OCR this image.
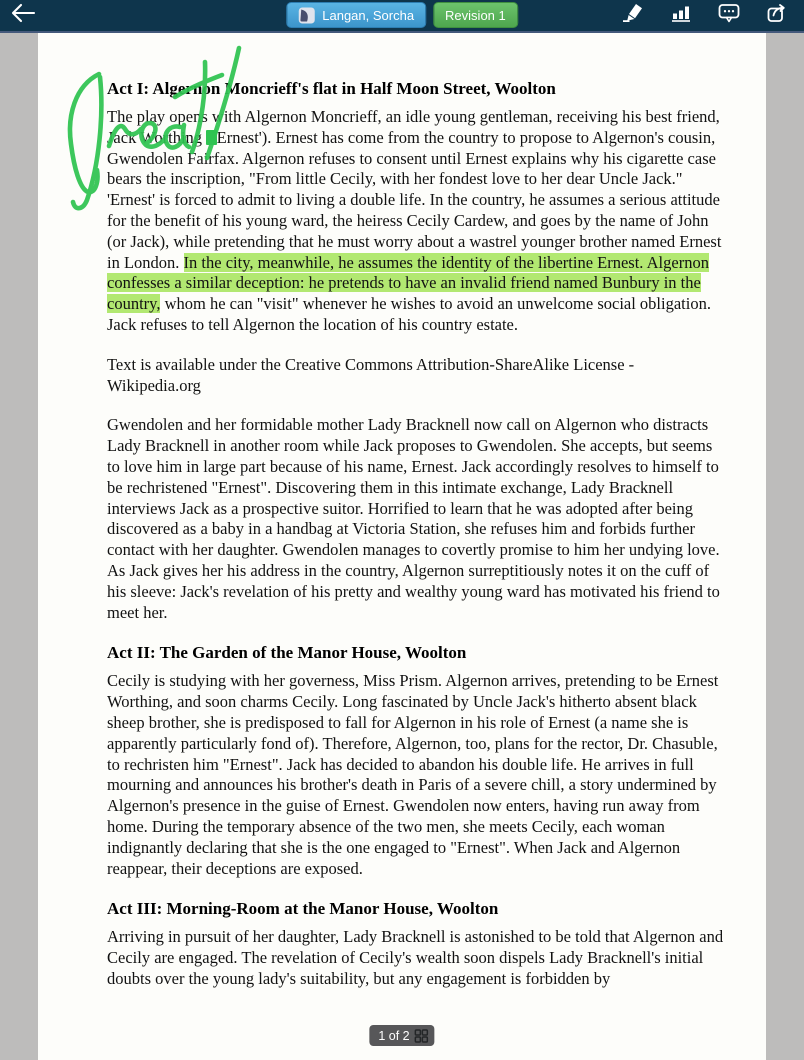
Langan, Sorcha Revision 1
Act I: Algernon Moncrieff's flat in Half Moon Street, Woolton

The play opens with Algernon Moncrieff, an idle young gentleman, receiving his best friend, Jack Worthing Ernest'). Ernest has come from the country to propose to Algernon's cousin, Gwendolen Fairfax. Algernon refuses to consent until Ernest explains why his cigarette case bears the inscription, "From little Cecily, with her fondest love to her dear Uncle Jack." 'Ernest' is forced to admit to living a double life. In the country, he assumes a serious attitude for the benefit of his young ward, the heiress Cecily Cardew, and goes by the name of John (or Jack), while pretending that he must worry about a wastrel younger brother named Ernest in London. In the city, meanwhile, he assumes the identity of the libertine Ernest. Algernon confesses a similar deception: he pretends to have an invalid friend named Bunbury in the country, whom he can "visit" whenever he wishes to avoid an unwelcome social obligation. Jack refuses to tell Algernon the location of his country estate.

Text is available under the Creative Commons Attribution-ShareAlike License - Wikipedia.org

Gwendolen and her formidable mother Lady Bracknell now call on Algernon who distracts Lady Bracknell in another room while Jack proposes to Gwendolen. She accepts, but seems to love him in large part because of his name, Ernest. Jack accordingly resolves to himself to be rechristened "Ernest". Discovering them in this intimate exchange, Lady Bracknell interviews Jack as a prospective suitor. Horrified to learn that he was adopted after being discovered as a baby in a handbag at Victoria Station, she refuses him and forbids further contact with her daughter. Gwendolen manages to covertly promise to him her undying love. As Jack gives her his address in the country, Algernon surreptitiously notes it on the cuff of his sleeve: Jack's revelation of his pretty and wealthy young ward has motivated his friend to meet her.

Act II: The Garden of the Manor House, Woolton

Cecily is studying with her governess, Miss Prism. Algernon arrives, pretending to be Ernest Worthing, and soon charms Cecily. Long fascinated by Uncle Jack's hitherto absent black sheep brother, she is predisposed to fall for Algernon in his role of Ernest (a name she is apparently particularly fond of). Therefore, Algernon, too, plans for the rector, Dr. Chasuble, to rechristen him "Ernest". Jack has decided to abandon his double life. He arrives in full mourning and announces his brother's death in Paris of a severe chill, a story undermined by Algernon's presence in the guise of Ernest. Gwendolen now enters, having run away from home. During the temporary absence of the two men, she meets Cecily, each woman indignantly declaring that she is the one engaged to "Ernest". When Jack and Algernon reappear, their deceptions are exposed.

Act III: Morning-Room at the Manor House, Woolton

Arriving in pursuit of her daughter, Lady Bracknell is astonished to be told that Algernon and Cecily are engaged. The revelation of Cecily's wealth soon dispels Lady Bracknell's initial doubts over the young lady's suitability, but any engagement is forbidden by

1 of 2
